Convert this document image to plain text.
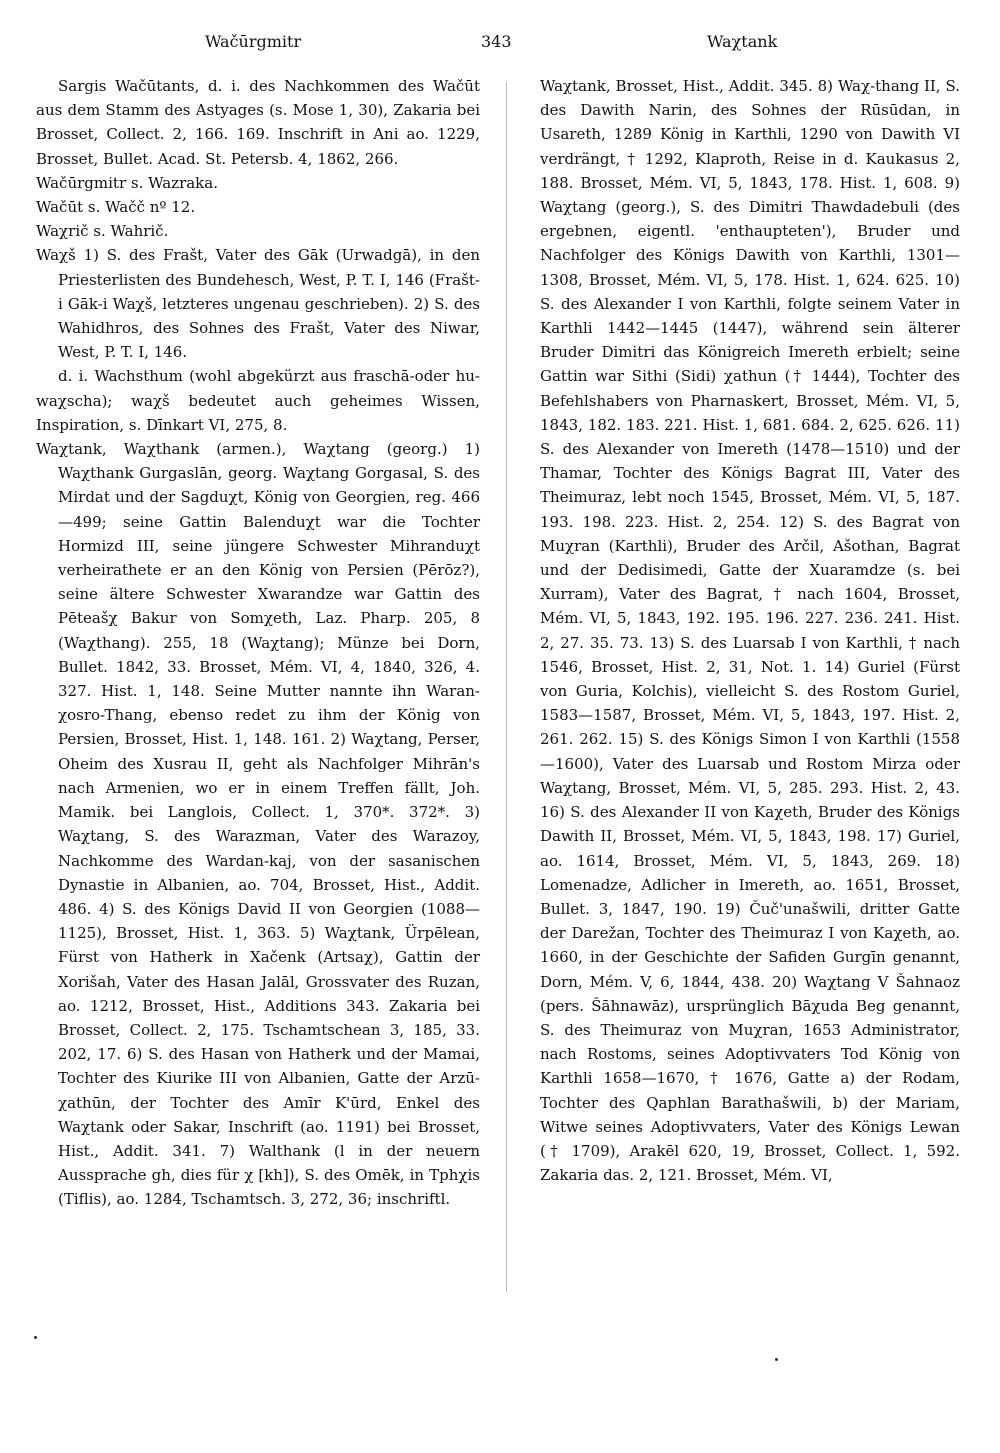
Wačūrgmitr	343	Waχtank

Sargis Wačūtants, d. i. des Nachkommen des Wačūt aus dem Stamm des Astyages (s. Mose 1, 30), Zakaria bei Brosset, Collect. 2, 166. 169. Inschrift in Ani ao. 1229, Brosset, Bullet. Acad. St. Petersb. 4, 1862, 266.

Wačūrgmitr s. Wazraka.

Wačūt s. Wačč nº 12.

Waχrič s. Wahrič.

Waχš 1) S. des Frašt, Vater des Gāk (Urwadgā), in den Priesterlisten des Bundehesch, West, P. T. I, 146 (Frašt-i Gāk-i Waχš, letzteres ungenau geschrieben). 2) S. des Wahidhros, des Sohnes des Frašt, Vater des Niwar, West, P. T. I, 146.

d. i. Wachsthum (wohl abgekürzt aus fraschā-oder hu-waχscha); waχš bedeutet auch geheimes Wissen, Inspiration, s. Dīnkart VI, 275, 8.

Waχtank, Waχthank (armen.), Waχtang (georg.) 1) Waχthank Gurgaslān, georg. Waχtang Gorgasal, S. des Mirdat und der Sagduχt, König von Georgien, reg. 466—499; seine Gattin Balenduχt war die Tochter Hormizd III, seine jüngere Schwester Mihranduχt verheirathete er an den König von Persien (Pērōz?), seine ältere Schwester Xwarandze war Gattin des Pēteašχ Bakur von Somχeth, Laz. Pharp. 205, 8 (Waχthang). 255, 18 (Waχtang); Münze bei Dorn, Bullet. 1842, 33. Brosset, Mém. VI, 4, 1840, 326, 4. 327. Hist. 1, 148. Seine Mutter nannte ihn Waran-χosro-Thang, ebenso redet zu ihm der König von Persien, Brosset, Hist. 1, 148. 161. 2) Waχtang, Perser, Oheim des Xusrau II, geht als Nachfolger Mihrān's nach Armenien, wo er in einem Treffen fällt, Joh. Mamik. bei Langlois, Collect. 1, 370*. 372*. 3) Waχtang, S. des Warazman, Vater des Warazoy, Nachkomme des Wardan-kaj, von der sasanischen Dynastie in Albanien, ao. 704, Brosset, Hist., Addit. 486. 4) S. des Königs David II von Georgien (1088—1125), Brosset, Hist. 1, 363. 5) Waχtank, Ürpēlean, Fürst von Hatherk in Xačenk (Artsaχ), Gattin der Xorišah, Vater des Hasan Jalāl, Grossvater des Ruzan, ao. 1212, Brosset, Hist., Additions 343. Zakaria bei Brosset, Collect. 2, 175. Tschamtschean 3, 185, 33. 202, 17. 6) S. des Hasan von Hatherk und der Mamai, Tochter des Kiurike III von Albanien, Gatte der Arzū-χathūn, der Tochter des Amīr K'ūrd, Enkel des Waχtank oder Sakar, Inschrift (ao. 1191) bei Brosset, Hist., Addit. 341. 7) Walthank (l in der neuern Aussprache gh, dies für χ [kh]), S. des Omēk, in Tphχis (Tiflis), ao. 1284, Tschamtsch. 3, 272, 36; inschriftl.

Waχtank, Brosset, Hist., Addit. 345. 8) Waχ-thang II, S. des Dawith Narin, des Sohnes der Rūsūdan, in Usareth, 1289 König in Karthli, 1290 von Dawith VI verdrängt, † 1292, Klaproth, Reise in d. Kaukasus 2, 188. Brosset, Mém. VI, 5, 1843, 178. Hist. 1, 608. 9) Waχtang (georg.), S. des Dimitri Thawdadebuli (des ergebnen, eigentl. 'enthaupteten'), Bruder und Nachfolger des Königs Dawith von Karthli, 1301—1308, Brosset, Mém. VI, 5, 178. Hist. 1, 624. 625. 10) S. des Alexander I von Karthli, folgte seinem Vater in Karthli 1442—1445 (1447), während sein älterer Bruder Dimitri das Königreich Imereth erbielt; seine Gattin war Sithi (Sidi) χathun († 1444), Tochter des Befehlshabers von Pharnaskert, Brosset, Mém. VI, 5, 1843, 182. 183. 221. Hist. 1, 681. 684. 2, 625. 626. 11) S. des Alexander von Imereth (1478—1510) und der Thamar, Tochter des Königs Bagrat III, Vater des Theimuraz, lebt noch 1545, Brosset, Mém. VI, 5, 187. 193. 198. 223. Hist. 2, 254. 12) S. des Bagrat von Muχran (Karthli), Bruder des Arčil, Ašothan, Bagrat und der Dedisimedi, Gatte der Xuaramdze (s. bei Xurram), Vater des Bagrat, † nach 1604, Brosset, Mém. VI, 5, 1843, 192. 195. 196. 227. 236. 241. Hist. 2, 27. 35. 73. 13) S. des Luarsab I von Karthli, † nach 1546, Brosset, Hist. 2, 31, Not. 1. 14) Guriel (Fürst von Guria, Kolchis), vielleicht S. des Rostom Guriel, 1583—1587, Brosset, Mém. VI, 5, 1843, 197. Hist. 2, 261. 262. 15) S. des Königs Simon I von Karthli (1558—1600), Vater des Luarsab und Rostom Mirza oder Waχtang, Brosset, Mém. VI, 5, 285. 293. Hist. 2, 43. 16) S. des Alexander II von Kaχeth, Bruder des Königs Dawith II, Brosset, Mém. VI, 5, 1843, 198. 17) Guriel, ao. 1614, Brosset, Mém. VI, 5, 1843, 269. 18) Lomenadze, Adlicher in Imereth, ao. 1651, Brosset, Bullet. 3, 1847, 190. 19) Čuč'unašwili, dritter Gatte der Darežan, Tochter des Theimuraz I von Kaχeth, ao. 1660, in der Geschichte der Safiden Gurgīn genannt, Dorn, Mém. V, 6, 1844, 438. 20) Waχtang V Šahnaoz (pers. Šāhnawāz), ursprünglich Bāχuda Beg genannt, S. des Theimuraz von Muχran, 1653 Administrator, nach Rostoms, seines Adoptivvaters Tod König von Karthli 1658—1670, † 1676, Gatte a) der Rodam, Tochter des Qaphlan Barathašwili, b) der Mariam, Witwe seines Adoptivvaters, Vater des Königs Lewan († 1709), Arakēl 620, 19, Brosset, Collect. 1, 592. Zakaria das. 2, 121. Brosset, Mém. VI,
